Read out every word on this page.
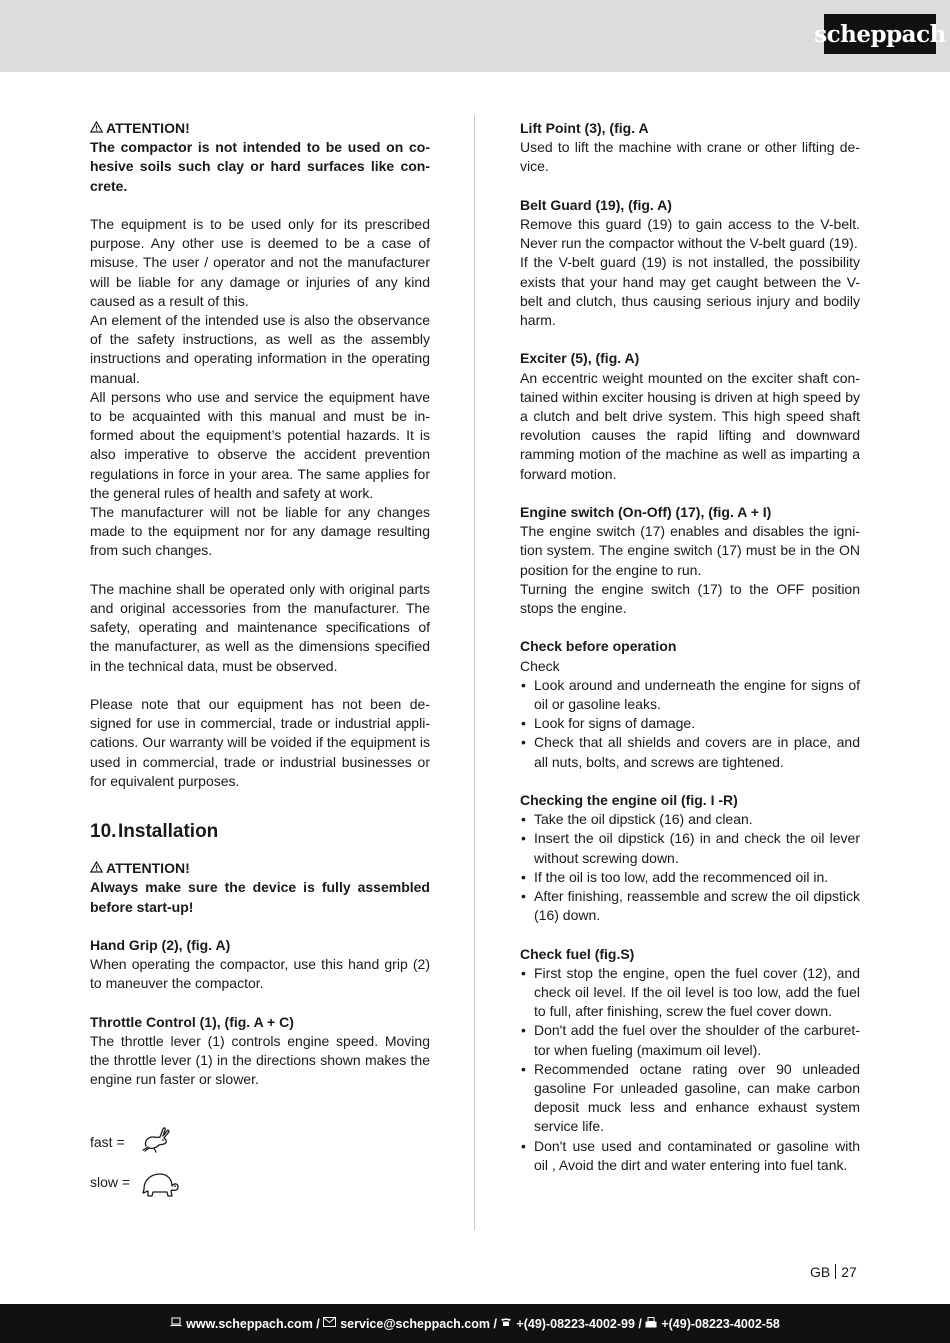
scheppach

ATTENTION!

The compactor is not intended to be used on cohesive soils such clay or hard surfaces like concrete.

The equipment is to be used only for its prescribed purpose. Any other use is deemed to be a case of misuse. The user / operator and not the manufacturer will be liable for any damage or injuries of any kind caused as a result of this.

An element of the intended use is also the observance of the safety instructions, as well as the assembly instructions and operating information in the operating manual.

All persons who use and service the equipment have to be acquainted with this manual and must be informed about the equipment’s potential hazards. It is also imperative to observe the accident prevention regulations in force in your area. The same applies for the general rules of health and safety at work.

The manufacturer will not be liable for any changes made to the equipment nor for any damage resulting from such changes.

The machine shall be operated only with original parts and original accessories from the manufacturer. The safety, operating and maintenance specifications of the manufacturer, as well as the dimensions specified in the technical data, must be observed.

Please note that our equipment has not been designed for use in commercial, trade or industrial applications. Our warranty will be voided if the equipment is used in commercial, trade or industrial businesses or for equivalent purposes.

10.Installation

ATTENTION!

Always make sure the device is fully assembled before start-up!

Hand Grip (2), (fig. A)

When operating the compactor, use this hand grip (2) to maneuver the compactor.

Throttle Control (1), (fig. A + C)

The throttle lever (1) controls engine speed. Moving the throttle lever (1) in the directions shown makes the engine run faster or slower.

fast =
slow =

Lift Point (3), (fig. A

Used to lift the machine with crane or other lifting device.

Belt Guard (19), (fig. A)

Remove this guard (19) to gain access to the V-belt. Never run the compactor without the V-belt guard (19).

If the V-belt guard (19) is not installed, the possibility exists that your hand may get caught between the V-belt and clutch, thus causing serious injury and bodily harm.

Exciter (5), (fig. A)

An eccentric weight mounted on the exciter shaft contained within exciter housing is driven at high speed by a clutch and belt drive system. This high speed shaft revolution causes the rapid lifting and downward ramming motion of the machine as well as imparting a forward motion.

Engine switch (On-Off) (17), (fig. A + I)

The engine switch (17) enables and disables the ignition system. The engine switch (17) must be in the ON position for the engine to run.

Turning the engine switch (17) to the OFF position stops the engine.

Check before operation

Check

• Look around and underneath the engine for signs of oil or gasoline leaks.
• Look for signs of damage.
• Check that all shields and covers are in place, and all nuts, bolts, and screws are tightened.

Checking the engine oil (fig. I -R)

• Take the oil dipstick (16) and clean.
• Insert the oil dipstick (16) in and check the oil lever without screwing down.
• If the oil is too low, add the recommenced oil in.
• After finishing, reassemble and screw the oil dipstick (16) down.

Check fuel (fig.S)

• First stop the engine, open the fuel cover (12), and check oil level. If the oil level is too low, add the fuel to full, after finishing, screw the fuel cover down.
• Don't add the fuel over the shoulder of the carburettor when fueling (maximum oil level).
• Recommended octane rating over 90 unleaded gasoline For unleaded gasoline, can make carbon deposit muck less and enhance exhaust system service life.
• Don't use used and contaminated or gasoline with oil , Avoid the dirt and water entering into fuel tank.
GB 27
www.scheppach.com / service@scheppach.com / +(49)-08223-4002-99 / +(49)-08223-4002-58
